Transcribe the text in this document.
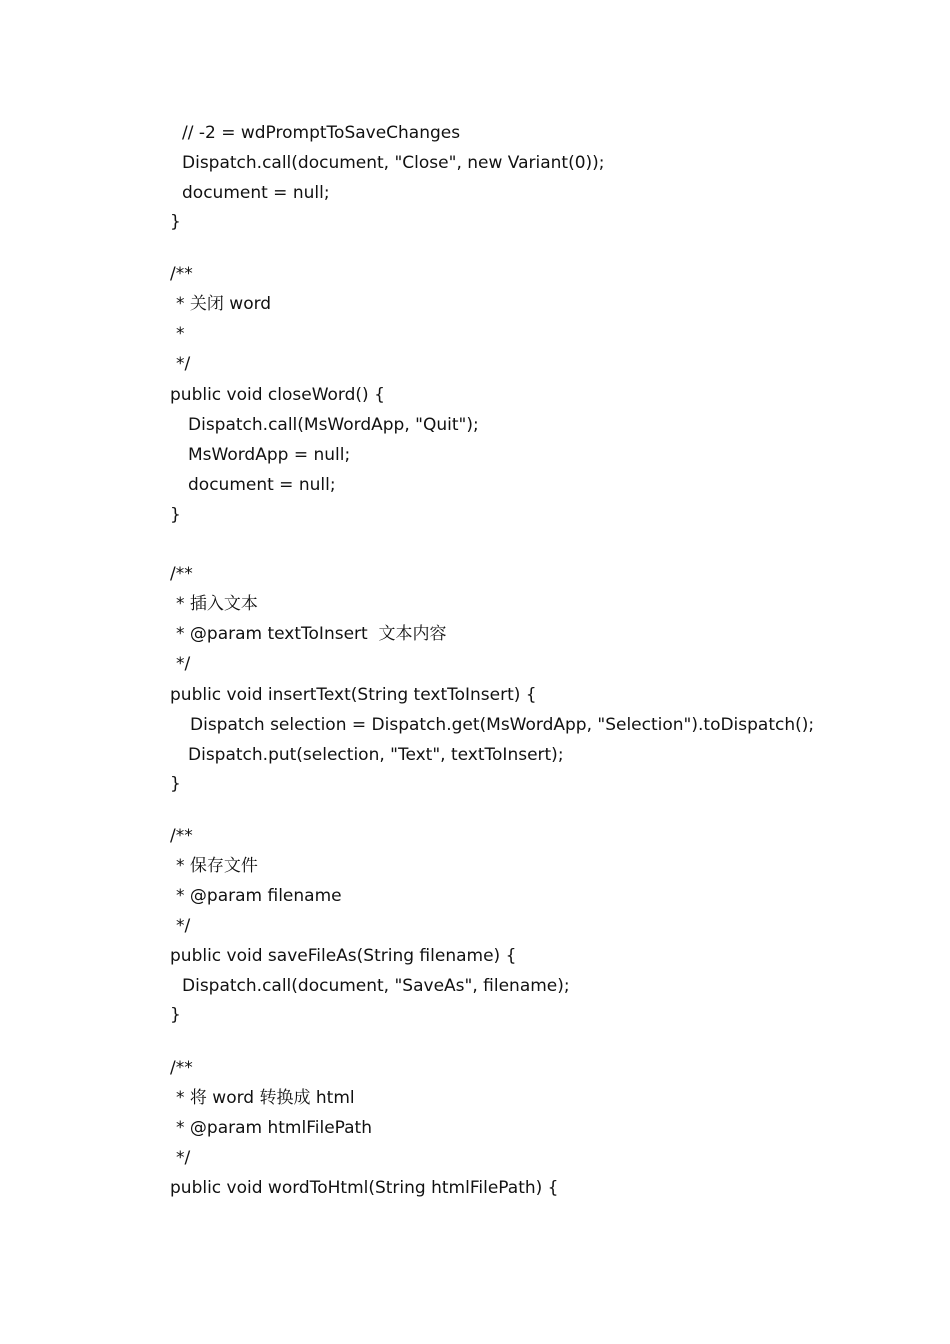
// -2 = wdPromptToSaveChanges
Dispatch.call(document, "Close", new Variant(0));
document = null;
}
/**
* 关闭 word
*
*/
public void closeWord() {
Dispatch.call(MsWordApp, "Quit");
MsWordApp = null;
document = null;
}
/**
* 插入文本
* @param textToInsert  文本内容
*/
public void insertText(String textToInsert) {
Dispatch selection = Dispatch.get(MsWordApp, "Selection").toDispatch();
Dispatch.put(selection, "Text", textToInsert);
}
/**
* 保存文件
* @param filename
*/
public void saveFileAs(String filename) {
Dispatch.call(document, "SaveAs", filename);
}
/**
* 将 word 转换成 html
* @param htmlFilePath
*/
public void wordToHtml(String htmlFilePath) {
